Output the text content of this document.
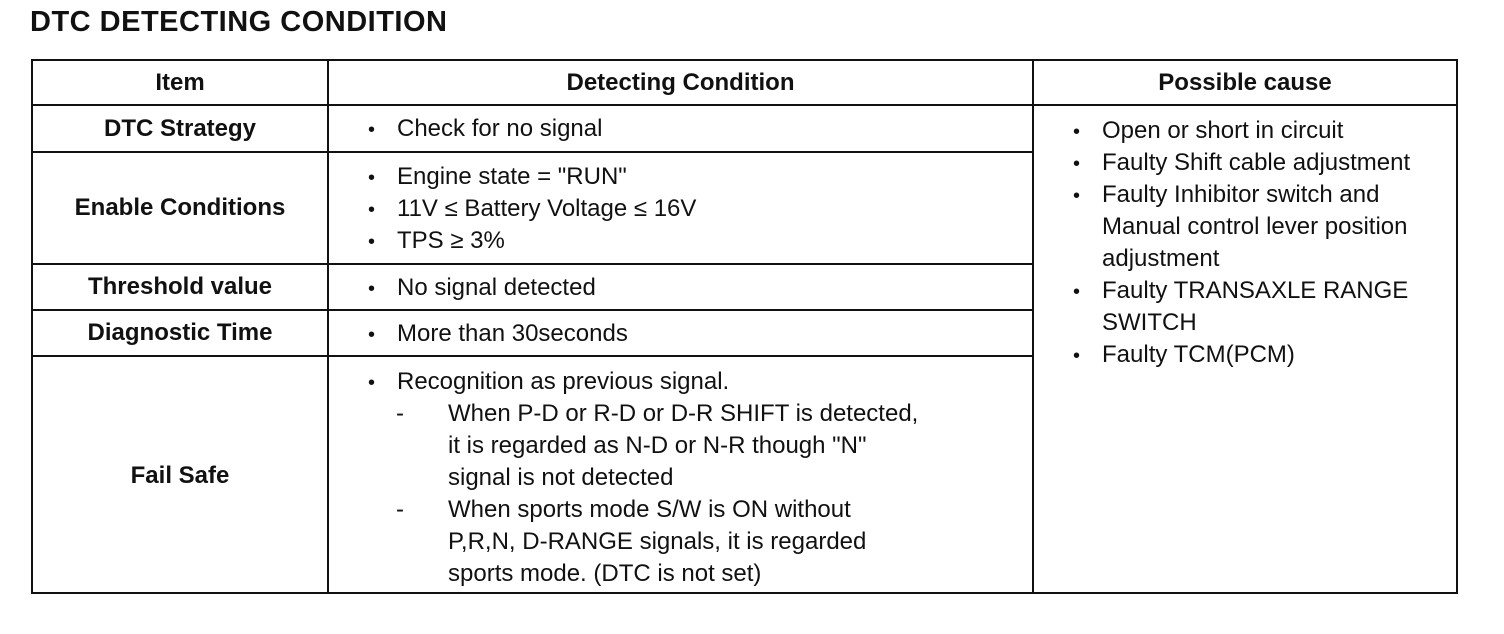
DTC DETECTING CONDITION
Item	Detecting Condition	Possible cause
DTC Strategy
Enable Conditions
Threshold value
Diagnostic Time
Fail Safe
• Check for no signal
• Engine state = "RUN"
• 11V ≤ Battery Voltage ≤ 16V
• TPS ≥ 3%
• No signal detected
• More than 30seconds
• Recognition as previous signal.
- When P-D or R-D or D-R SHIFT is detected,
it is regarded as N-D or N-R though "N"
signal is not detected
- When sports mode S/W is ON without
P,R,N, D-RANGE signals, it is regarded
sports mode. (DTC is not set)
• Open or short in circuit
• Faulty Shift cable adjustment
• Faulty Inhibitor switch and
Manual control lever position
adjustment
• Faulty TRANSAXLE RANGE
SWITCH
• Faulty TCM(PCM)
